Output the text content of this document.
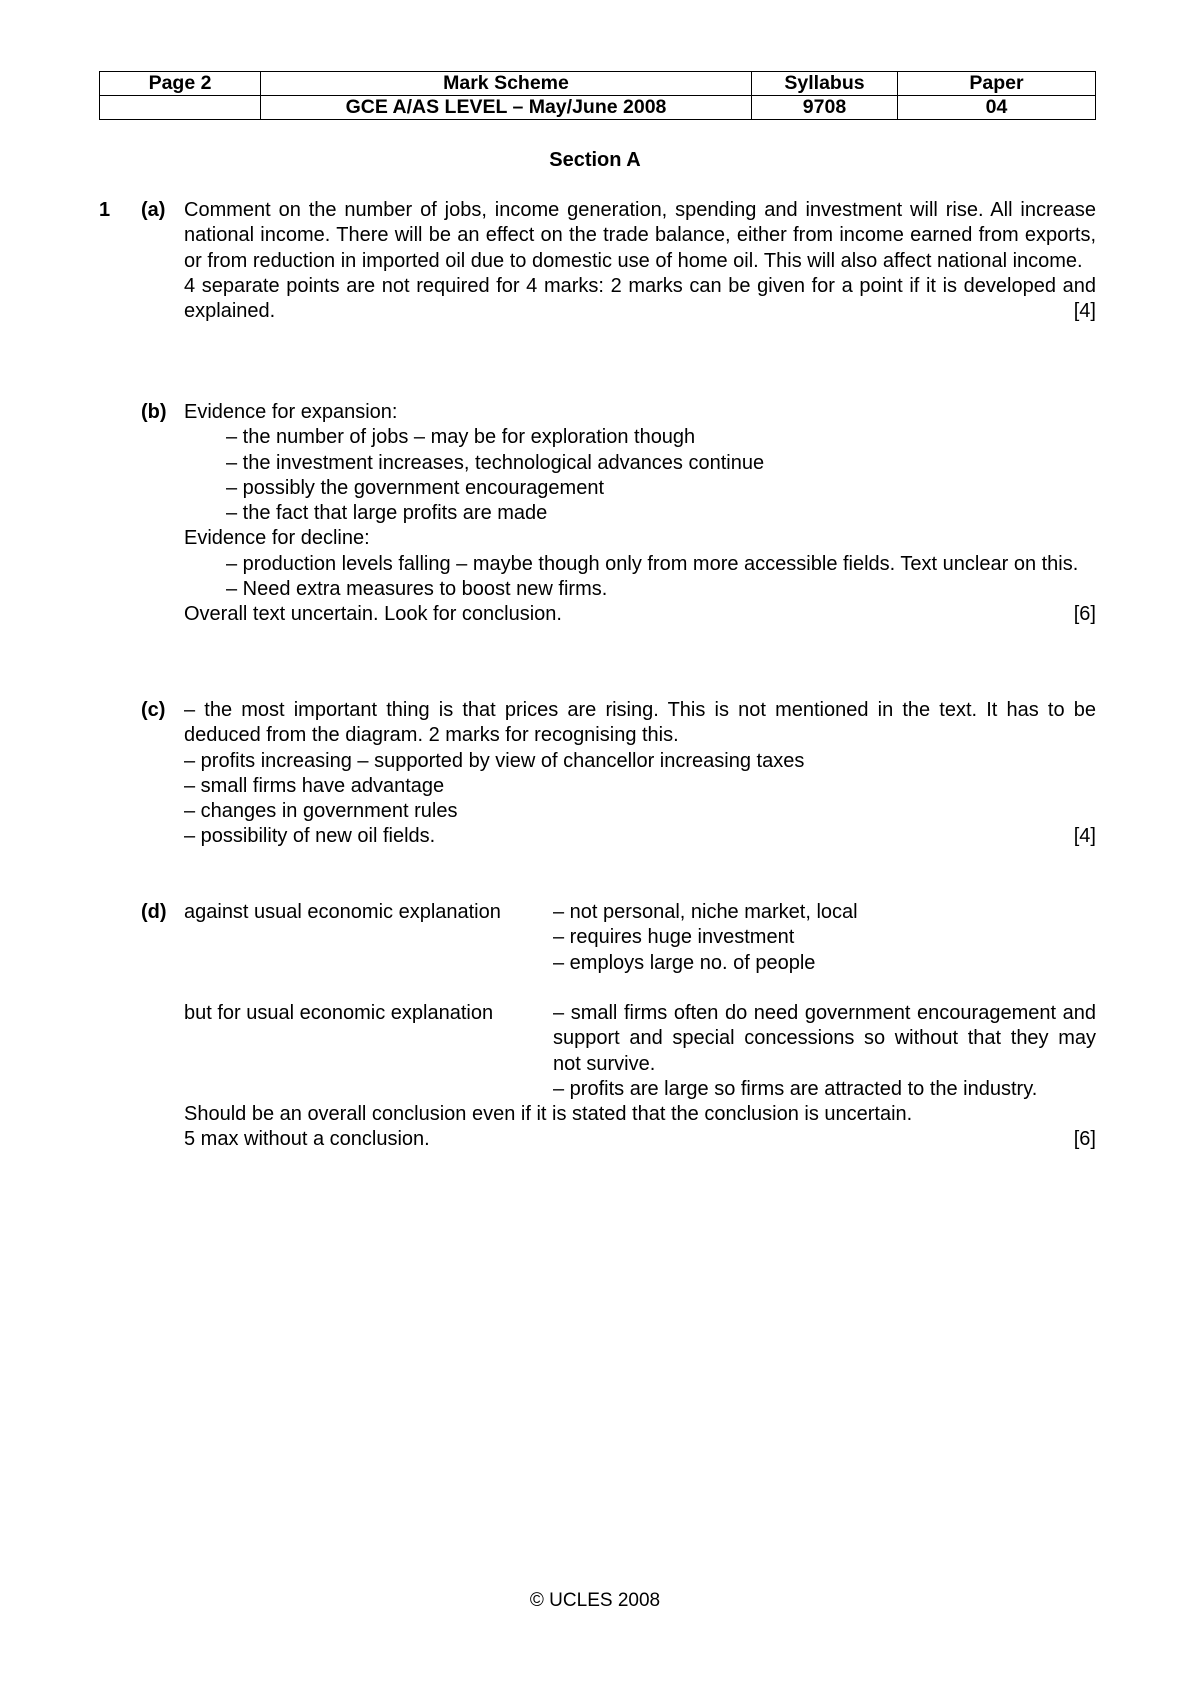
Page 2	Mark Scheme	Syllabus	Paper
	GCE A/AS LEVEL – May/June 2008	9708	04
Section A
1 (a) Comment on the number of jobs, income generation, spending and investment will rise. All increase national income. There will be an effect on the trade balance, either from income earned from exports, or from reduction in imported oil due to domestic use of home oil. This will also affect national income.
4 separate points are not required for 4 marks: 2 marks can be given for a point if it is developed and explained.	[4]
(b) Evidence for expansion:
– the number of jobs – may be for exploration though
– the investment increases, technological advances continue
– possibly the government encouragement
– the fact that large profits are made
Evidence for decline:
– production levels falling – maybe though only from more accessible fields. Text unclear on this.
– Need extra measures to boost new firms.
Overall text uncertain. Look for conclusion.	[6]
(c) – the most important thing is that prices are rising. This is not mentioned in the text. It has to be deduced from the diagram. 2 marks for recognising this.
– profits increasing – supported by view of chancellor increasing taxes
– small firms have advantage
– changes in government rules
– possibility of new oil fields.	[4]
(d) against usual economic explanation	– not personal, niche market, local
– requires huge investment
– employs large no. of people
but for usual economic explanation	– small firms often do need government encouragement and support and special concessions so without that they may not survive.
– profits are large so firms are attracted to the industry.
Should be an overall conclusion even if it is stated that the conclusion is uncertain.
5 max without a conclusion.	[6]
© UCLES 2008
